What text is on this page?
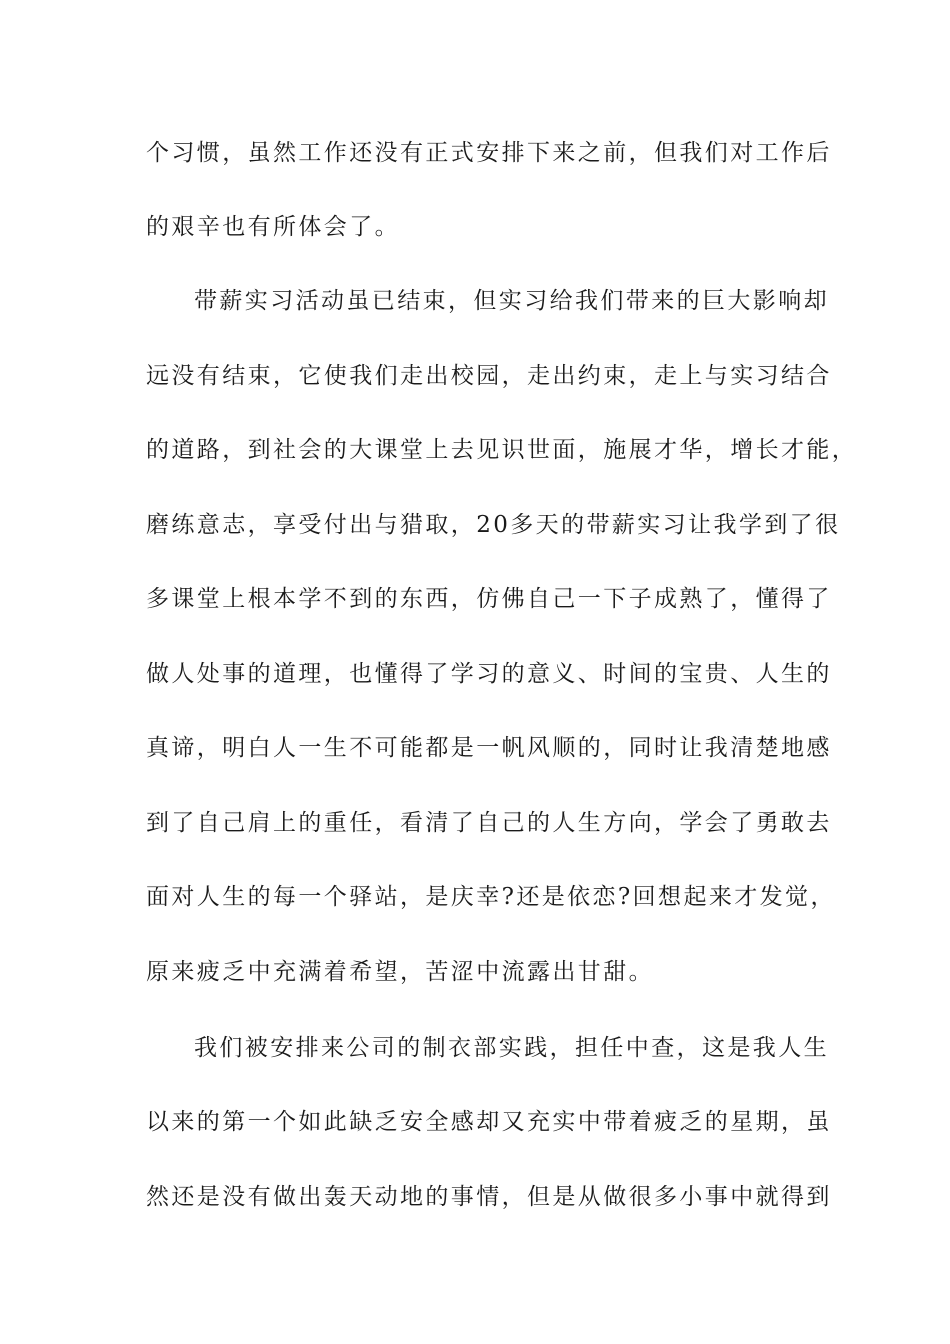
个习惯，虽然工作还没有正式安排下来之前，但我们对工作后
的艰辛也有所体会了。
带薪实习活动虽已结束，但实习给我们带来的巨大影响却
远没有结束，它使我们走出校园，走出约束，走上与实习结合
的道路，到社会的大课堂上去见识世面，施展才华，增长才能，
磨练意志，享受付出与猎取，20多天的带薪实习让我学到了很
多课堂上根本学不到的东西，仿佛自己一下子成熟了，懂得了
做人处事的道理，也懂得了学习的意义、时间的宝贵、人生的
真谛，明白人一生不可能都是一帆风顺的，同时让我清楚地感
到了自己肩上的重任，看清了自己的人生方向，学会了勇敢去
面对人生的每一个驿站，是庆幸?还是依恋?回想起来才发觉，
原来疲乏中充满着希望，苦涩中流露出甘甜。
我们被安排来公司的制衣部实践，担任中查，这是我人生
以来的第一个如此缺乏安全感却又充实中带着疲乏的星期，虽
然还是没有做出轰天动地的事情，但是从做很多小事中就得到
